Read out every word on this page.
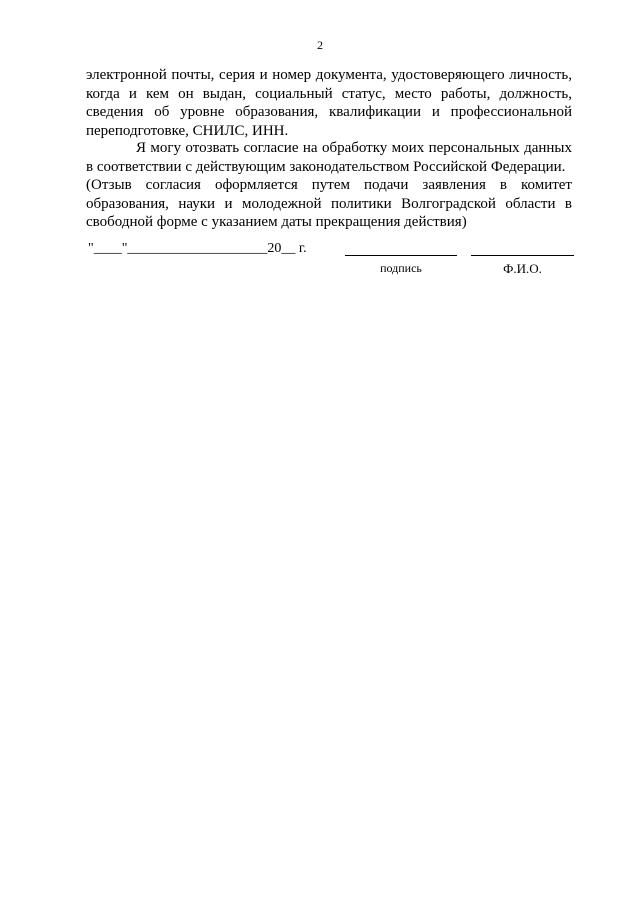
2
электронной почты, серия и номер документа, удостоверяющего личность, когда и кем он выдан, социальный статус, место работы, должность, сведения об уровне образования, квалификации и профессиональной переподготовке, СНИЛС, ИНН.
Я могу отозвать согласие на обработку моих персональных данных в соответствии с действующим законодательством Российской Федерации.
(Отзыв согласия оформляется путем подачи заявления в комитет образования, науки и молодежной политики Волгоградской области в свободной форме с указанием даты прекращения действия)
"____"____________________20__ г.
подпись	Ф.И.О.
